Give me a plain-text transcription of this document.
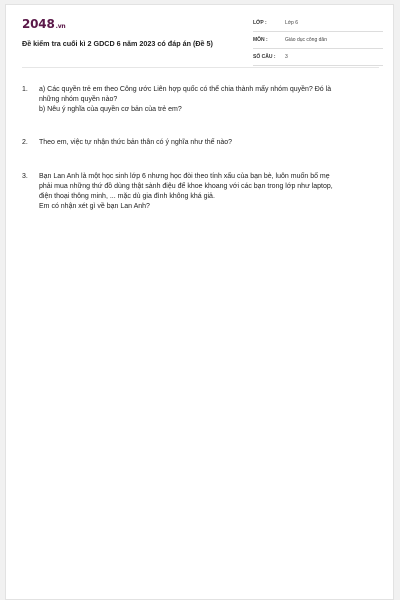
2048.vn
Đề kiểm tra cuối kì 2 GDCD 6 năm 2023 có đáp án (Đề 5)
LỚP :	Lớp 6
MÔN :	Giáo dục công dân
SỐ CÂU : 3
1. a) Các quyền trẻ em theo Công ước Liên hợp quốc có thể chia thành mấy nhóm quyền? Đó là
những nhóm quyền nào?
b) Nêu ý nghĩa của quyền cơ bản của trẻ em?
2. Theo em, việc tự nhận thức bản thân có ý nghĩa như thế nào?
3. Bạn Lan Anh là một học sinh lớp 6 nhưng học đòi theo tính xấu của bạn bè, luôn muốn bố mẹ
phải mua những thứ đồ dùng thật sành điệu để khoe khoang với các bạn trong lớp như laptop,
điện thoại thông minh, ... mặc dù gia đình không khá giả.
Em có nhận xét gì về bạn Lan Anh?
